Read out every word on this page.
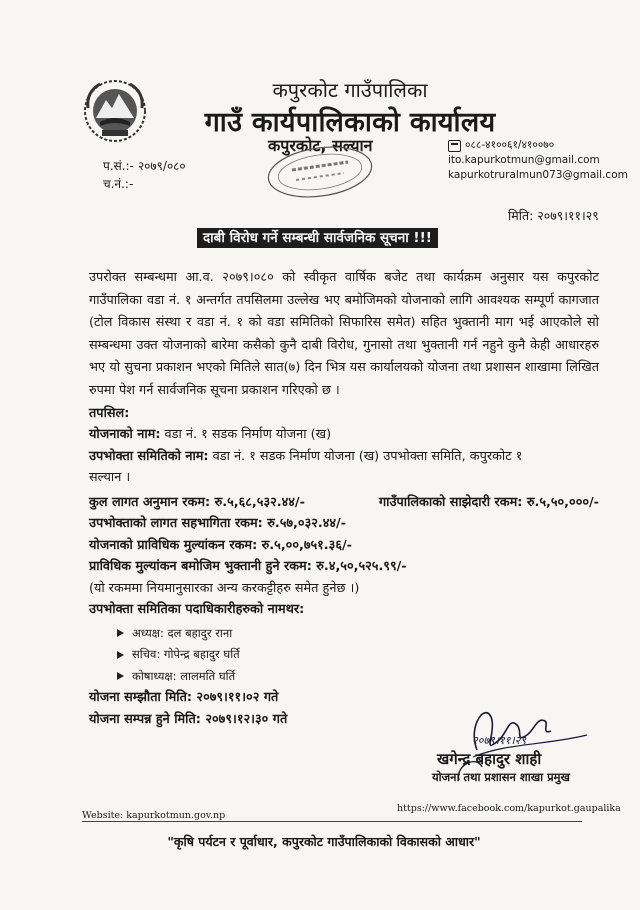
कपुरकोट गाउँपालिका
गाउँ कार्यपालिकाको कार्यालय
कपुरकोट, सल्यान	०८८-४१००६१/४१००७०
ito.kapurkotmun@gmail.com
kapurkotruralmun073@gmail.com
प.सं.:- २०७९/०८०
च.नं.:-
मिति: २०७९।११।२९
दाबी विरोध गर्ने सम्बन्धी सार्वजनिक सूचना !!!

उपरोक्त सम्बन्धमा आ.व. २०७९।०८० को स्वीकृत वार्षिक बजेट तथा कार्यक्रम अनुसार यस कपुरकोट गाउँपालिका वडा नं. १ अन्तर्गत तपसिलमा उल्लेख भए बमोजिमको योजनाको लागि आवश्यक सम्पूर्ण कागजात (टोल विकास संस्था र वडा नं. १ को वडा समितिको सिफारिस समेत) सहित भुक्तानी माग भई आएकोले सो सम्बन्धमा उक्त योजनाको बारेमा कसैको कुनै दाबी विरोध, गुनासो तथा भुक्तानी गर्न नहुने कुनै केही आधारहरु भए यो सुचना प्रकाशन भएको मितिले सात(७) दिन भित्र यस कार्यालयको योजना तथा प्रशासन शाखामा लिखित रुपमा पेश गर्न सार्वजनिक सूचना प्रकाशन गरिएको छ ।

तपसिल:
योजनाको नाम: वडा नं. १ सडक निर्माण योजना (ख)
उपभोक्ता समितिको नाम: वडा नं. १ सडक निर्माण योजना (ख) उपभोक्ता समिति, कपुरकोट १
सल्यान ।
कुल लागत अनुमान रकम: रु.५,६८,५३२.४४/-	गाउँपालिकाको साझेदारी रकम: रु.५,५०,०००/-
उपभोक्ताको लागत सहभागिता रकम: रु.५७,०३२.४४/-
योजनाको प्राविधिक मुल्यांकन रकम: रु.५,००,७५१.३६/-
प्राविधिक मुल्यांकन बमोजिम भुक्तानी हुने रकम: रु.४,५०,५२५.९९/-
(यो रकममा नियमानुसारका अन्य करकट्टीहरु समेत हुनेछ ।)
उपभोक्ता समितिका पदाधिकारीहरुको नामथर:
अध्यक्ष: दल बहादुर राना
सचिव: गोपेन्द्र बहादुर घर्ति
कोषाध्यक्ष: लालमति घर्ति
योजना सम्झौता मिति: २०७९।११।०२ गते
योजना सम्पन्न हुने मिति: २०७९।१२।३० गते
२०७९।११।२९
खगेन्द्र बहादुर शाही
योजना तथा प्रशासन शाखा प्रमुख
https://www.facebook.com/kapurkot.gaupalika
Website: kapurkotmun.gov.np
"कृषि पर्यटन र पूर्वाधार, कपुरकोट गाउँपालिकाको विकासको आधार"
